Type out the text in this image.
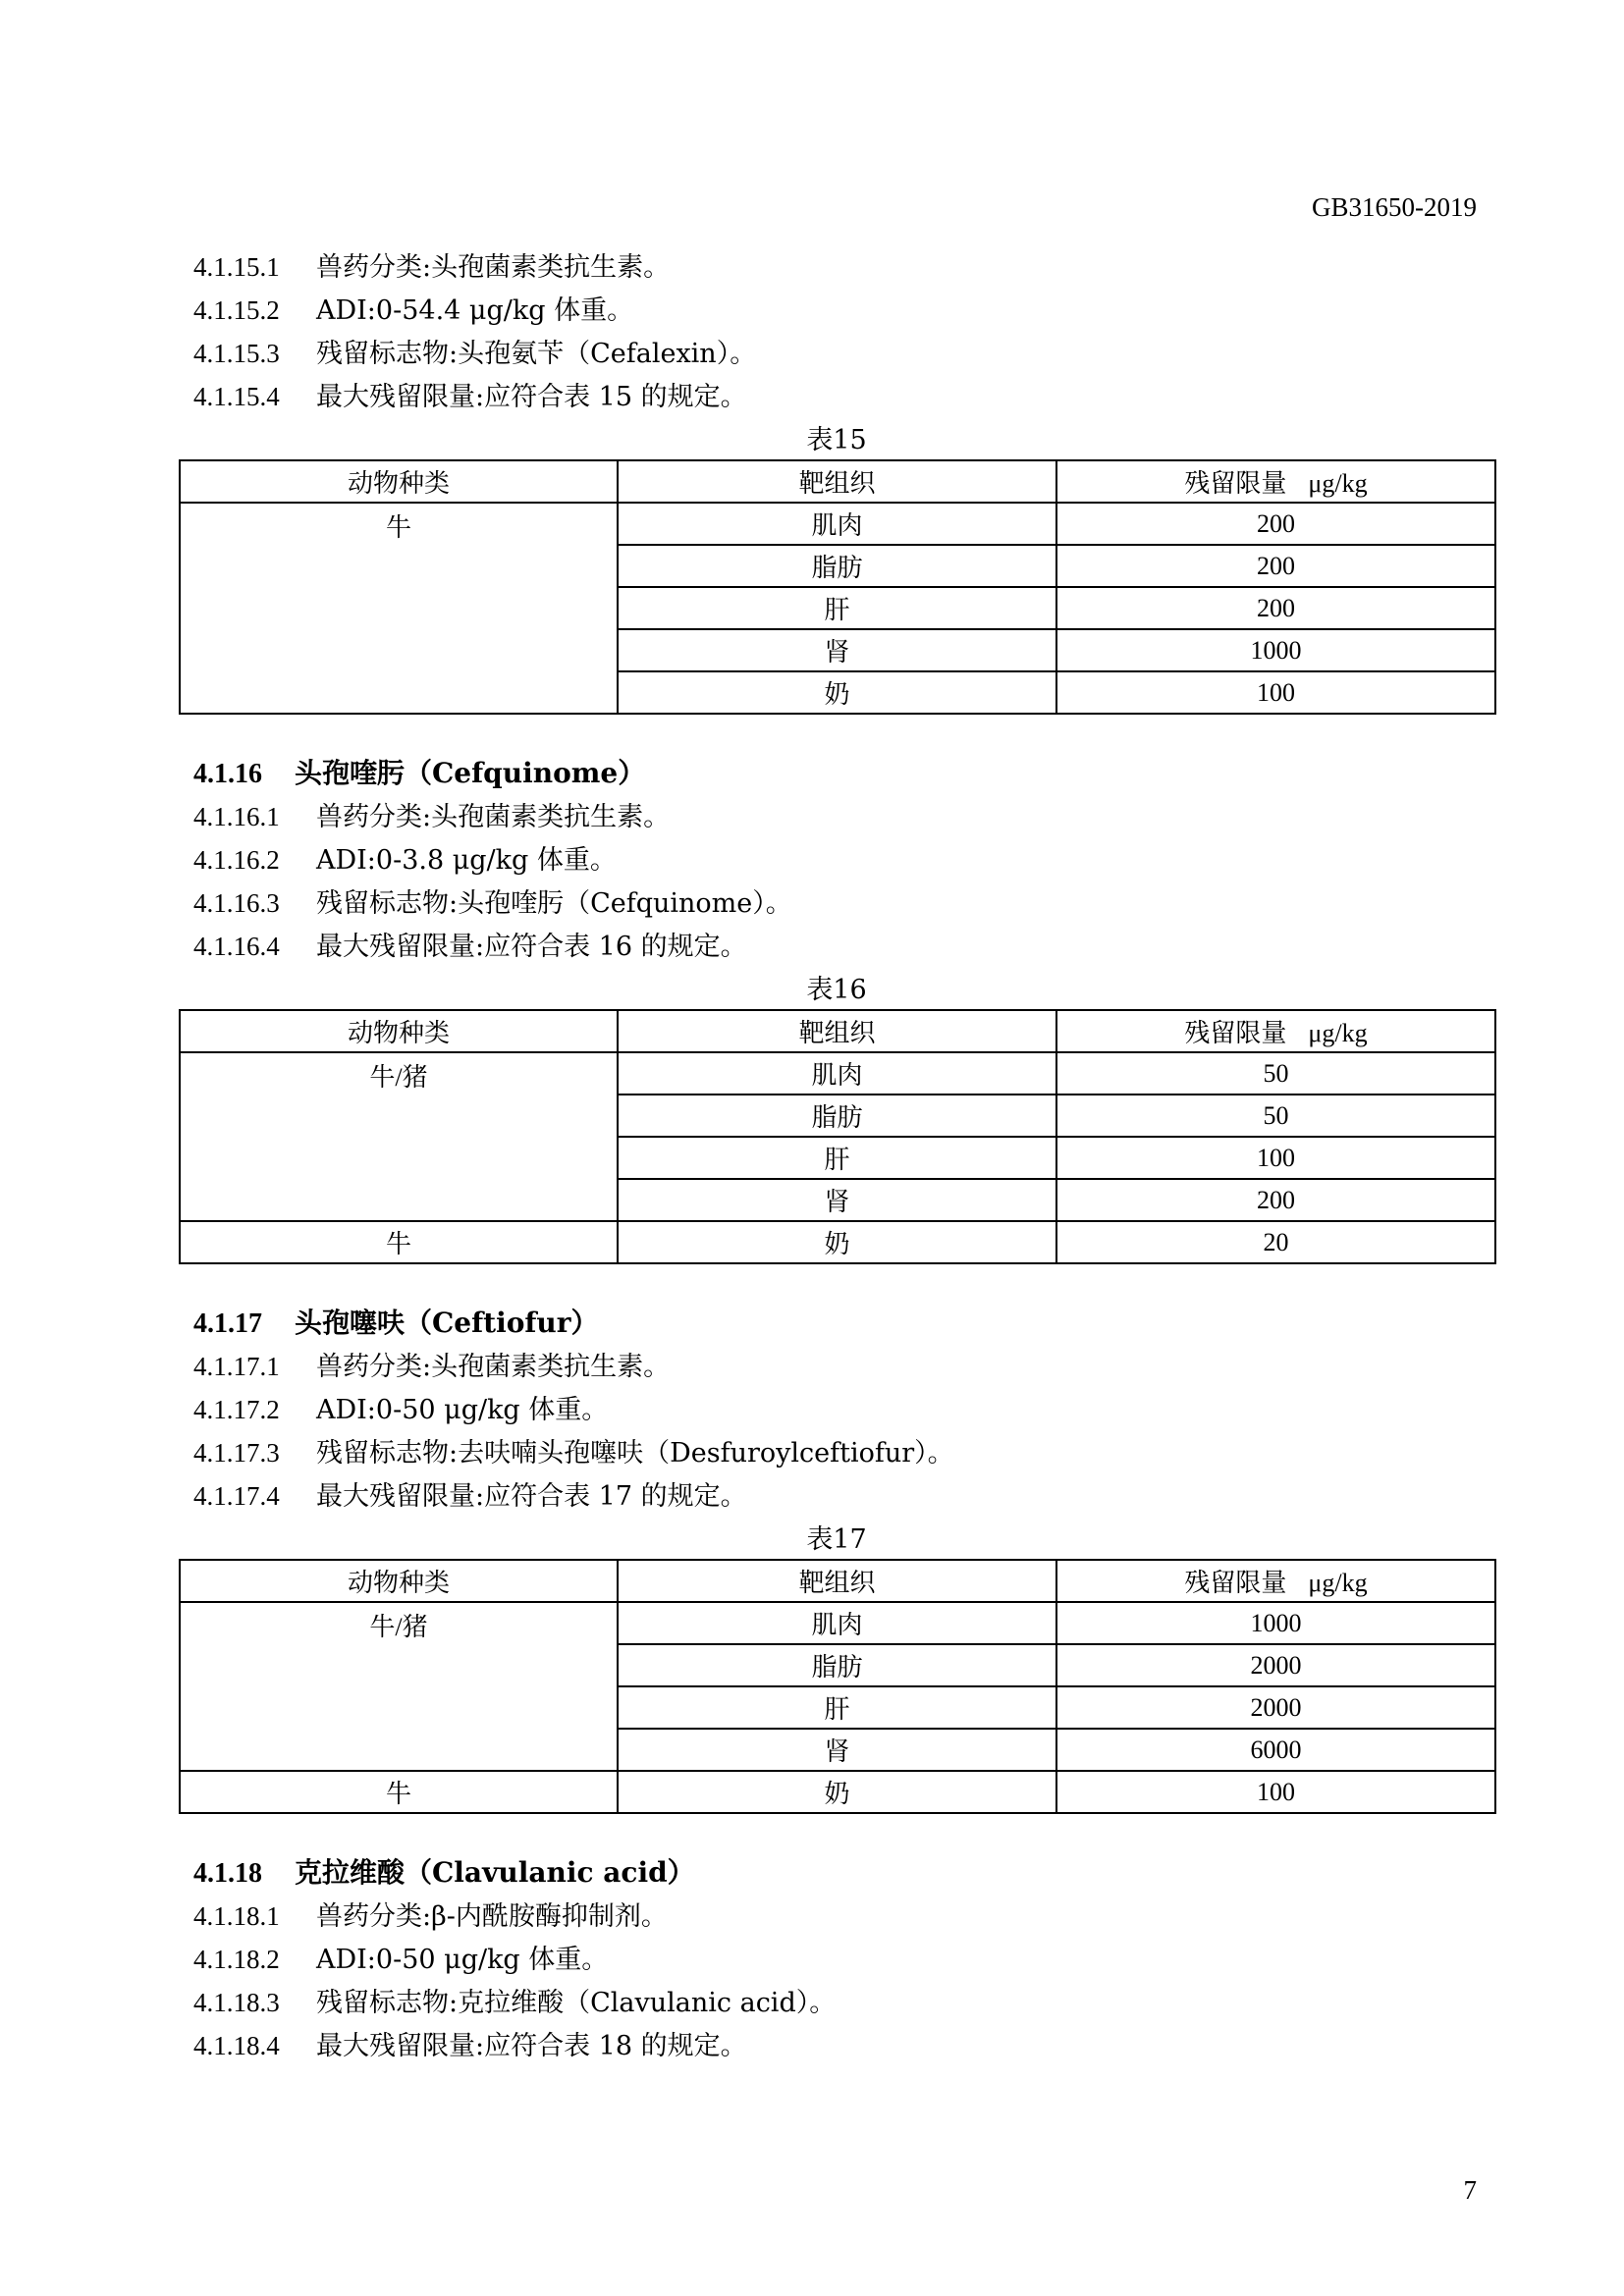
GB31650-2019
4.1.15.1 兽药分类:头孢菌素类抗生素。
4.1.15.2 ADI:0-54.4 μg/kg 体重。
4.1.15.3 残留标志物:头孢氨苄（Cefalexin）。
4.1.15.4 最大残留限量:应符合表 15 的规定。
表15
动物种类	靶组织	残留限量 μg/kg
牛	肌肉	200
	脂肪	200
	肝	200
	肾	1000
	奶	100
4.1.16 头孢喹肟（Cefquinome）
4.1.16.1 兽药分类:头孢菌素类抗生素。
4.1.16.2 ADI:0-3.8 μg/kg 体重。
4.1.16.3 残留标志物:头孢喹肟（Cefquinome）。
4.1.16.4 最大残留限量:应符合表 16 的规定。
表16
动物种类	靶组织	残留限量 μg/kg
牛/猪	肌肉	50
	脂肪	50
	肝	100
	肾	200
牛	奶	20
4.1.17 头孢噻呋（Ceftiofur）
4.1.17.1 兽药分类:头孢菌素类抗生素。
4.1.17.2 ADI:0-50 μg/kg 体重。
4.1.17.3 残留标志物:去呋喃头孢噻呋（Desfuroylceftiofur）。
4.1.17.4 最大残留限量:应符合表 17 的规定。
表17
动物种类	靶组织	残留限量 μg/kg
牛/猪	肌肉	1000
	脂肪	2000
	肝	2000
	肾	6000
牛	奶	100
4.1.18 克拉维酸（Clavulanic acid）
4.1.18.1 兽药分类:β-内酰胺酶抑制剂。
4.1.18.2 ADI:0-50 μg/kg 体重。
4.1.18.3 残留标志物:克拉维酸（Clavulanic acid）。
4.1.18.4 最大残留限量:应符合表 18 的规定。
7
